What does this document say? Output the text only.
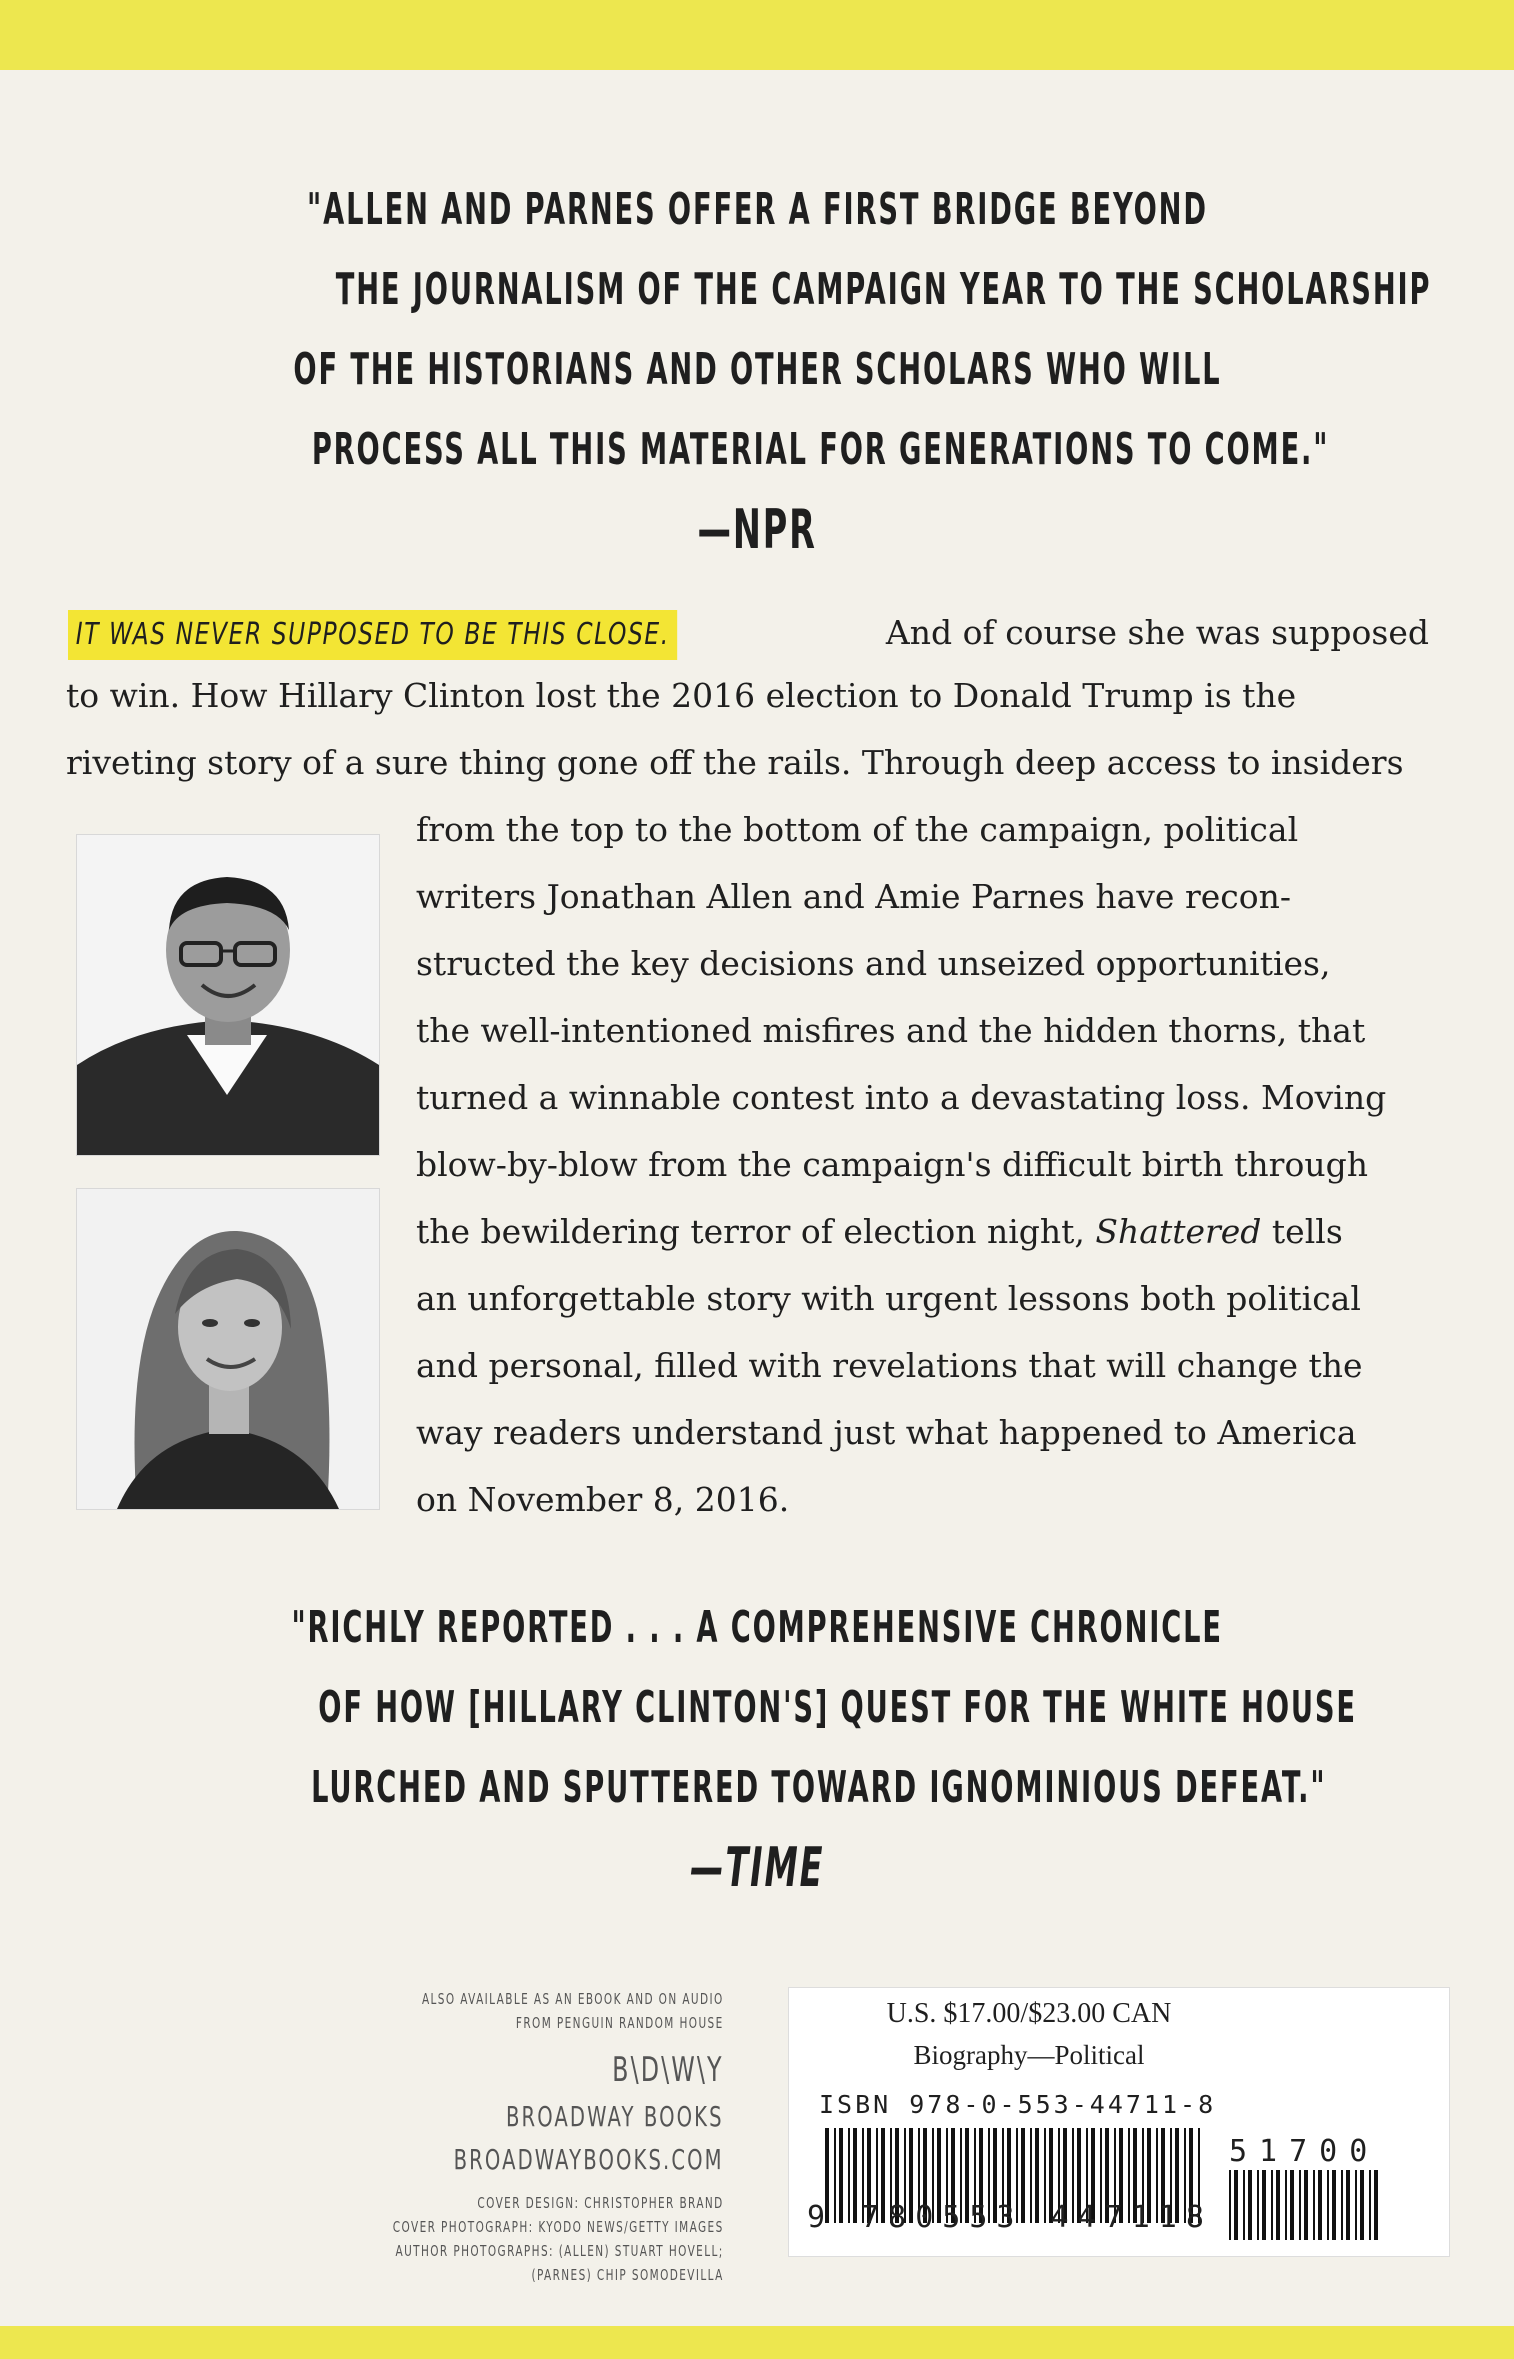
"ALLEN AND PARNES OFFER A FIRST BRIDGE BEYOND
THE JOURNALISM OF THE CAMPAIGN YEAR TO THE SCHOLARSHIP
OF THE HISTORIANS AND OTHER SCHOLARS WHO WILL
PROCESS ALL THIS MATERIAL FOR GENERATIONS TO COME."
—NPR
IT WAS NEVER SUPPOSED TO BE THIS CLOSE.	And of course she was supposed
to win. How Hillary Clinton lost the 2016 election to Donald Trump is the
riveting story of a sure thing gone off the rails. Through deep access to insiders
from the top to the bottom of the campaign, political
writers Jonathan Allen and Amie Parnes have recon-
structed the key decisions and unseized opportunities,
the well-intentioned misfires and the hidden thorns, that
turned a winnable contest into a devastating loss. Moving
blow-by-blow from the campaign's difficult birth through
the bewildering terror of election night, Shattered tells
an unforgettable story with urgent lessons both political
and personal, filled with revelations that will change the
way readers understand just what happened to America
on November 8, 2016.
"RICHLY REPORTED . . . A COMPREHENSIVE CHRONICLE
OF HOW [HILLARY CLINTON'S] QUEST FOR THE WHITE HOUSE
LURCHED AND SPUTTERED TOWARD IGNOMINIOUS DEFEAT."
—TIME
ALSO AVAILABLE AS AN EBOOK AND ON AUDIO
FROM PENGUIN RANDOM HOUSE
B\D\W\Y
BROADWAY BOOKS
BROADWAYBOOKS.COM
COVER DESIGN: CHRISTOPHER BRAND
COVER PHOTOGRAPH: KYODO NEWS/GETTY IMAGES
AUTHOR PHOTOGRAPHS: (ALLEN) STUART HOVELL;
(PARNES) CHIP SOMODEVILLA
U.S. $17.00/$23.00 CAN
Biography—Political
ISBN 978-0-553-44711-8
51700
9 780553 447118
